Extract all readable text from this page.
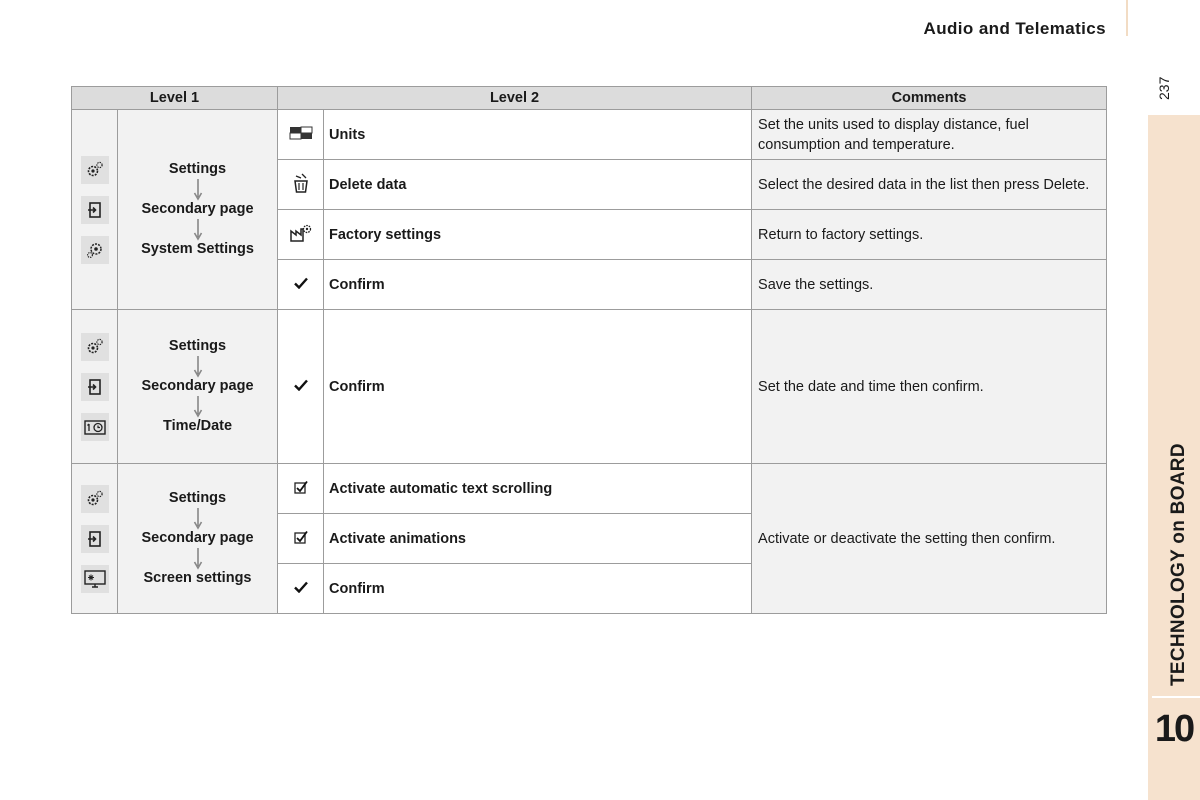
Audio and Telematics
237
TECHNOLOGY on BOARD
10
Level 1		Level 2		Comments

Settings
Secondary page
System Settings		Units	Set the units used to display distance, fuel consumption and temperature.
	Delete data	Select the desired data in the list then press Delete.
	Factory settings	Return to factory settings.
	Confirm	Save the settings.

Settings
Secondary page
Time/Date		Confirm	Set the date and time then confirm.

Settings
Secondary page
Screen settings		Activate automatic text scrolling	Activate or deactivate the setting then confirm.
	Activate animations	
	Confirm	
